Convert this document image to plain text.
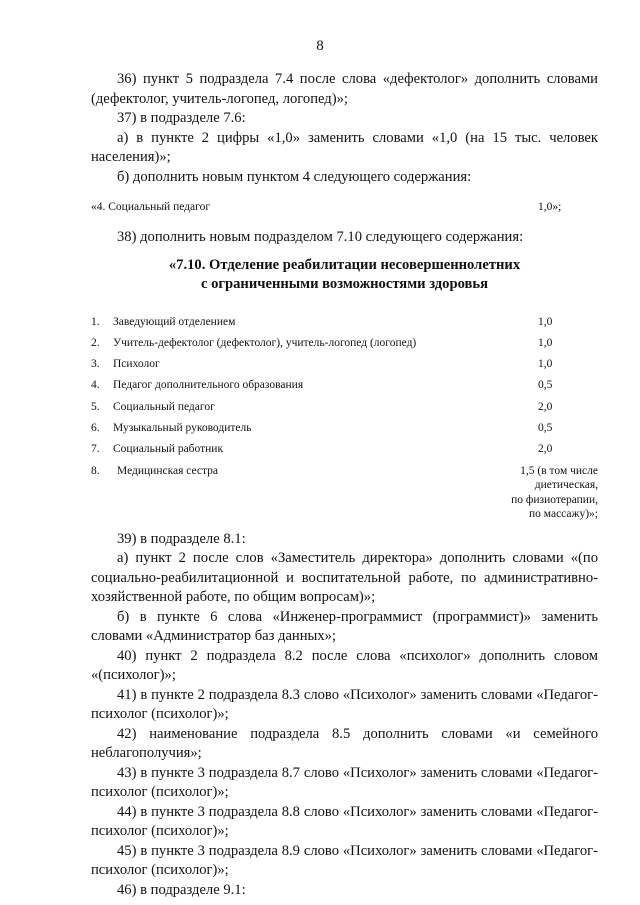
8

36) пункт 5 подраздела 7.4 после слова «дефектолог» дополнить словами (дефектолог, учитель-логопед, логопед)»;

37) в подразделе 7.6:

а) в пункте 2 цифры «1,0» заменить словами «1,0 (на 15 тыс. человек населения)»;

б) дополнить новым пунктом 4 следующего содержания:

«4. Социальный педагог	1,0»;

38) дополнить новым подразделом 7.10 следующего содержания:

«7.10. Отделение реабилитации несовершеннолетних

с ограниченными возможностями здоровья

1. Заведующий отделением	1,0
2. Учитель-дефектолог (дефектолог), учитель-логопед (логопед)	1,0
3. Психолог	1,0
4. Педагог дополнительного образования	0,5
5. Социальный педагог	2,0
6. Музыкальный руководитель	0,5
7. Социальный работник	2,0
8. Медицинская сестра	1,5 (в том числе
диетическая,
по физиотерапии,
по массажу)»;

39) в подразделе 8.1:

а) пункт 2 после слов «Заместитель директора» дополнить словами «(по социально-реабилитационной и воспитательной работе, по административно-хозяйственной работе, по общим вопросам)»;

б) в пункте 6 слова «Инженер-программист (программист)» заменить словами «Администратор баз данных»;

40) пункт 2 подраздела 8.2 после слова «психолог» дополнить словом «(психолог)»;

41) в пункте 2 подраздела 8.3 слово «Психолог» заменить словами «Педагог-психолог (психолог)»;

42) наименование подраздела 8.5 дополнить словами «и семейного неблагополучия»;

43) в пункте 3 подраздела 8.7 слово «Психолог» заменить словами «Педагог-психолог (психолог)»;

44) в пункте 3 подраздела 8.8 слово «Психолог» заменить словами «Педагог-психолог (психолог)»;

45) в пункте 3 подраздела 8.9 слово «Психолог» заменить словами «Педагог-психолог (психолог)»;

46) в подразделе 9.1:
